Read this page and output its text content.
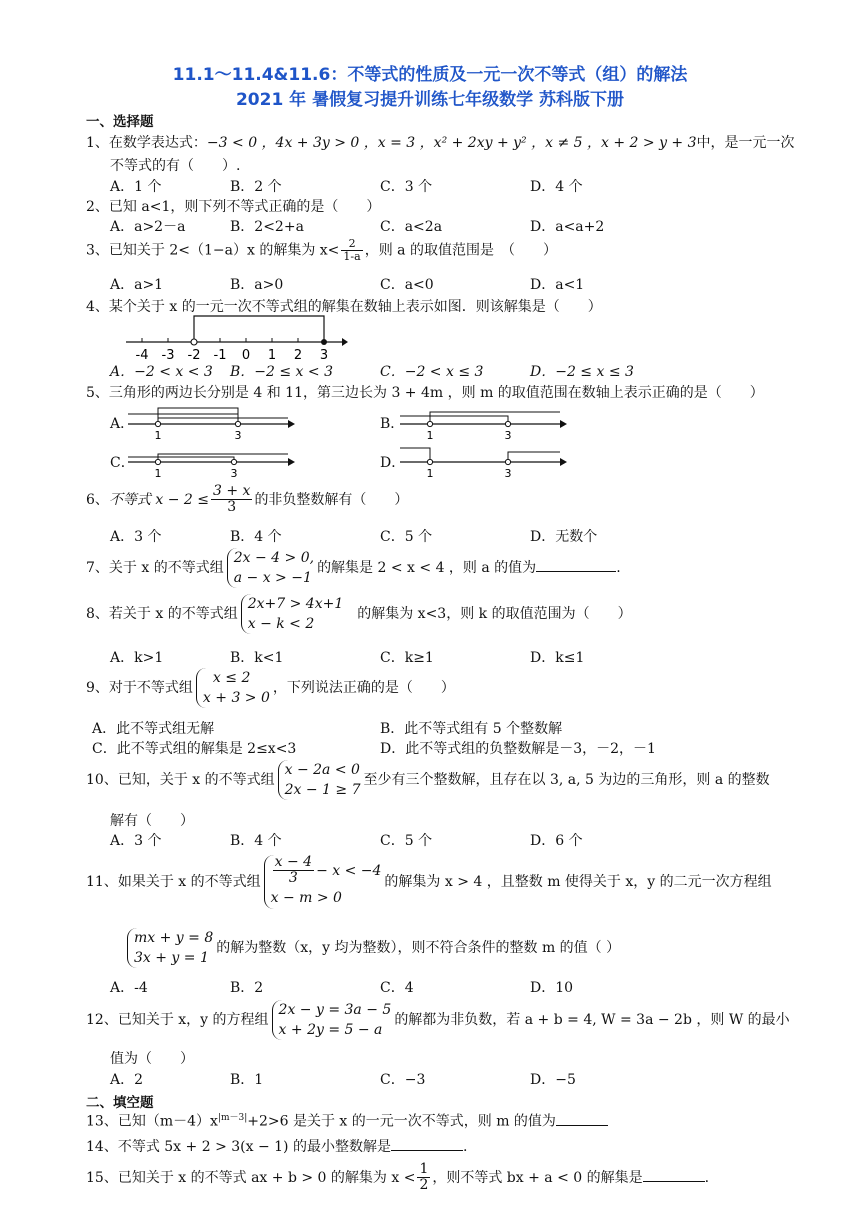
11.1～11.4&11.6：不等式的性质及一元一次不等式（组）的解法
2021 年 暑假复习提升训练七年级数学 苏科版下册
一、选择题
1、在数学表达式：−3 < 0 ，4x + 3y > 0 ，x = 3 ，x² + 2xy + y² ，x ≠ 5 ，x + 2 > y + 3中，是一元一次
不等式的有（　　）.
A．1 个	B．2 个	C．3 个	D．4 个
2、已知 a<1，则下列不等式正确的是（　　）
A．a>2－a	B．2<2+a	C．a<2a	D．a<a+2
3、已知关于 2<（1−a）x 的解集为 $x< \frac{2}{1-a}$ ，则 a 的取值范围是　（　　）
A．a>1	B．a>0	C．a<0	D．a<1
4、某个关于 x 的一元一次不等式组的解集在数轴上表示如图．则该解集是（　　）
-4 -3 -2 -1 0 1 2 3
A．−2 < x < 3 B．−2 ≤ x < 3	C．−2 < x ≤ 3	D．−2 ≤ x ≤ 3
5、三角形的两边长分别是 4 和 11，第三边长为 3 + 4m ，则 m 的取值范围在数轴上表示正确的是（　　）
A．
1	3
B．
1	3
C．
1	3
D．
1	3
6、不等式 $x - 2 \le \frac{3 + x}{3}$ 的非负整数解有（　　）
A．3 个	B．4 个	C．5 个	D．无数个
7、关于 x 的不等式组
2x − 4 > 0,
a − x > −1
的解集是 2 < x < 4 ，则 a 的值为	.
8、若关于 x 的不等式组
2x+7 > 4x+1
x − k < 2
的解集为 x<3，则 k 的取值范围为（　　）
A．k>1	B．k<1	C．k≥1	D．k≤1
9、对于不等式组
x ≤ 2
x + 3 > 0
，下列说法正确的是（　　）
A．此不等式组无解	B．此不等式组有 5 个整数解
C．此不等式组的解集是 2≤x<3	D．此不等式组的负整数解是－3，－2，－1
10、已知，关于 x 的不等式组
x − 2a < 0
2x − 1 ≥ 7
至少有三个整数解，且存在以 3, a, 5 为边的三角形，则 a 的整数
解有（　　）
A．3 个	B．4 个	C．5 个	D．6 个
11、如果关于 x 的不等式组 $\frac{x - 4}{3} - x < -4$
x − m > 0
的解集为 x > 4 ，且整数 m 使得关于 x，y 的二元一次方程组
mx + y = 8
3x + y = 1
的解为整数（x，y 均为整数），则不符合条件的整数 m 的值（ ）
A．-4	B．2	C．4	D．10
12、已知关于 x，y 的方程组
2x − y = 3a − 5
x + 2y = 5 − a
的解都为非负数，若 a + b = 4, W = 3a − 2b ，则 W 的最小
值为（　　）
A．2	B．1	C．−3	D．−5
二、填空题
13、已知$(m-4)x^{|m-3|}+2>6$ 是关于 x 的一元一次不等式，则 m 的值为
14、不等式 5x + 2 > 3(x − 1) 的最小整数解是	.
15、已知关于 x 的不等式 ax + b > 0 的解集为 $x < \frac{1}{2}$ ，则不等式 bx + a < 0 的解集是	.
